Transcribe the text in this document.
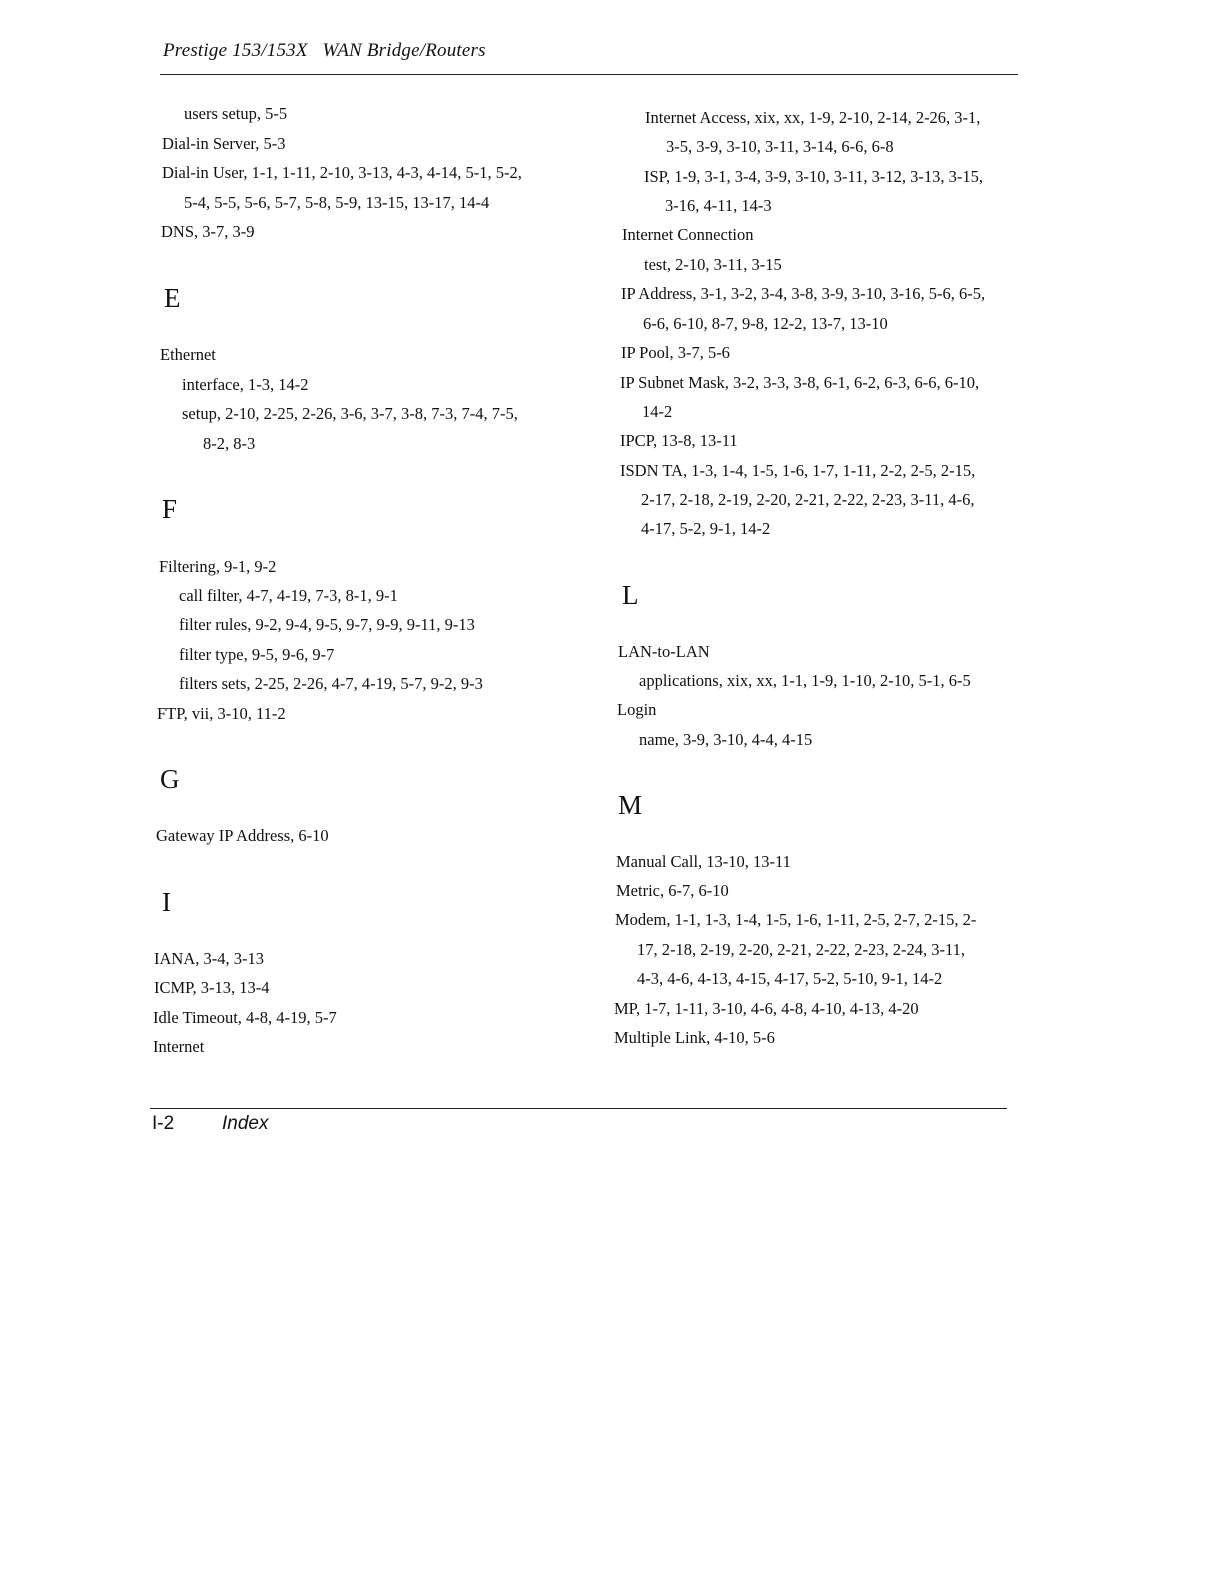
Prestige 153/153X   WAN Bridge/Routers
users setup, 5-5
Dial-in Server, 5-3
Dial-in User, 1-1, 1-11, 2-10, 3-13, 4-3, 4-14, 5-1, 5-2,
5-4, 5-5, 5-6, 5-7, 5-8, 5-9, 13-15, 13-17, 14-4
DNS, 3-7, 3-9
E
Ethernet
interface, 1-3, 14-2
setup, 2-10, 2-25, 2-26, 3-6, 3-7, 3-8, 7-3, 7-4, 7-5,
8-2, 8-3
F
Filtering, 9-1, 9-2
call filter, 4-7, 4-19, 7-3, 8-1, 9-1
filter rules, 9-2, 9-4, 9-5, 9-7, 9-9, 9-11, 9-13
filter type, 9-5, 9-6, 9-7
filters sets, 2-25, 2-26, 4-7, 4-19, 5-7, 9-2, 9-3
FTP, vii, 3-10, 11-2
G
Gateway IP Address, 6-10
I
IANA, 3-4, 3-13
ICMP, 3-13, 13-4
Idle Timeout, 4-8, 4-19, 5-7
Internet
Internet Access, xix, xx, 1-9, 2-10, 2-14, 2-26, 3-1,
3-5, 3-9, 3-10, 3-11, 3-14, 6-6, 6-8
ISP, 1-9, 3-1, 3-4, 3-9, 3-10, 3-11, 3-12, 3-13, 3-15,
3-16, 4-11, 14-3
Internet Connection
test, 2-10, 3-11, 3-15
IP Address, 3-1, 3-2, 3-4, 3-8, 3-9, 3-10, 3-16, 5-6, 6-5,
6-6, 6-10, 8-7, 9-8, 12-2, 13-7, 13-10
IP Pool, 3-7, 5-6
IP Subnet Mask, 3-2, 3-3, 3-8, 6-1, 6-2, 6-3, 6-6, 6-10,
14-2
IPCP, 13-8, 13-11
ISDN TA, 1-3, 1-4, 1-5, 1-6, 1-7, 1-11, 2-2, 2-5, 2-15,
2-17, 2-18, 2-19, 2-20, 2-21, 2-22, 2-23, 3-11, 4-6,
4-17, 5-2, 9-1, 14-2
L
LAN-to-LAN
applications, xix, xx, 1-1, 1-9, 1-10, 2-10, 5-1, 6-5
Login
name, 3-9, 3-10, 4-4, 4-15
M
Manual Call, 13-10, 13-11
Metric, 6-7, 6-10
Modem, 1-1, 1-3, 1-4, 1-5, 1-6, 1-11, 2-5, 2-7, 2-15, 2-
17, 2-18, 2-19, 2-20, 2-21, 2-22, 2-23, 2-24, 3-11,
4-3, 4-6, 4-13, 4-15, 4-17, 5-2, 5-10, 9-1, 14-2
MP, 1-7, 1-11, 3-10, 4-6, 4-8, 4-10, 4-13, 4-20
Multiple Link, 4-10, 5-6
I-2	Index
